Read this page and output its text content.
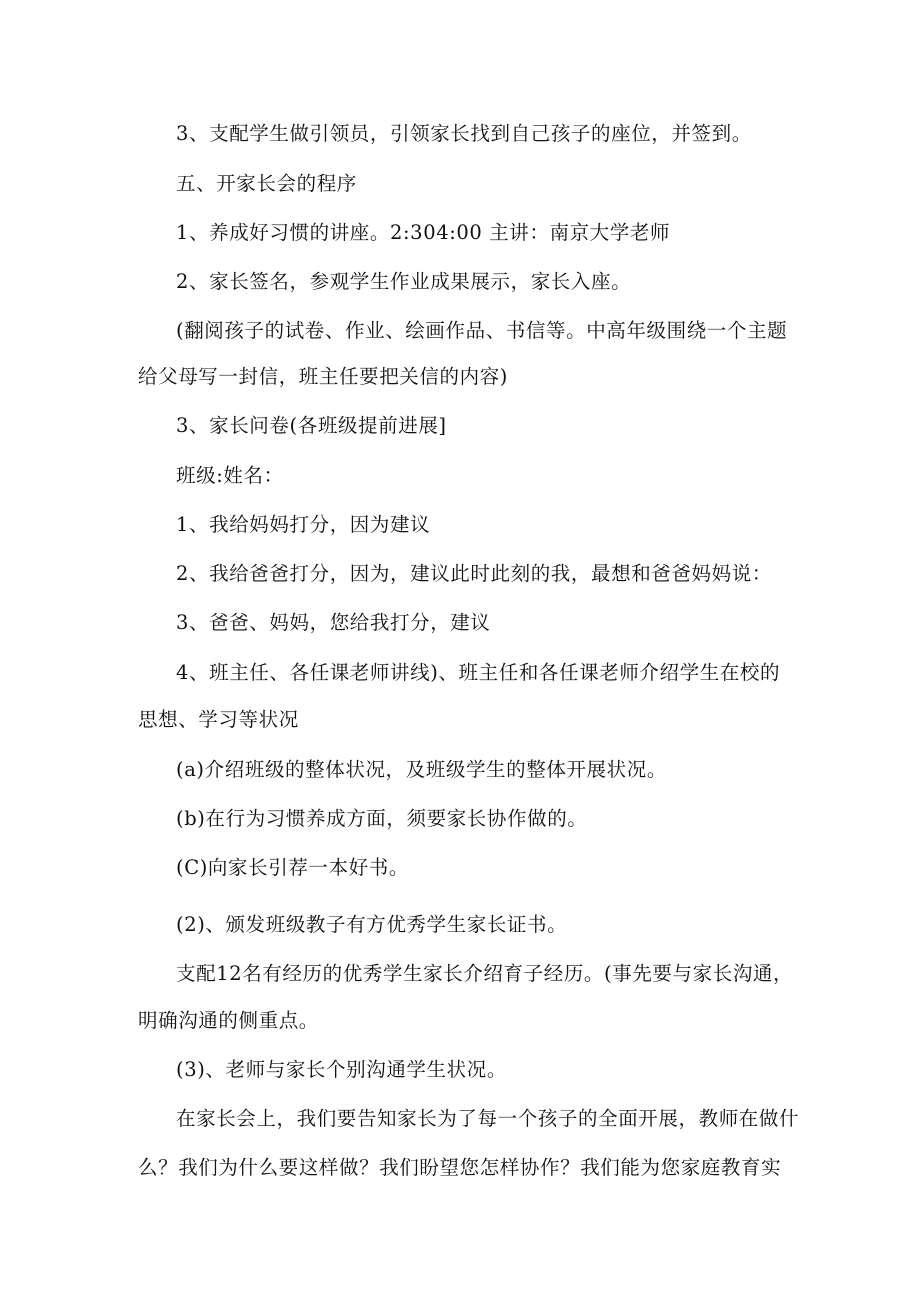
3、支配学生做引领员，引领家长找到自己孩子的座位，并签到。
五、开家长会的程序
1、养成好习惯的讲座。2:304:00 主讲：南京大学老师
2、家长签名，参观学生作业成果展示，家长入座。
(翻阅孩子的试卷、作业、绘画作品、书信等。中高年级围绕一个主题
给父母写一封信，班主任要把关信的内容)
3、家长问卷(各班级提前进展]
班级:姓名：
1、我给妈妈打分，因为建议
2、我给爸爸打分，因为，建议此时此刻的我，最想和爸爸妈妈说：
3、爸爸、妈妈，您给我打分，建议
4、班主任、各任课老师讲线)、班主任和各任课老师介绍学生在校的
思想、学习等状况
(a)介绍班级的整体状况，及班级学生的整体开展状况。
(b)在行为习惯养成方面，须要家长协作做的。
(C)向家长引荐一本好书。
(2)、颁发班级教子有方优秀学生家长证书。
支配12名有经历的优秀学生家长介绍育子经历。(事先要与家长沟通，
明确沟通的侧重点。
(3)、老师与家长个别沟通学生状况。
在家长会上，我们要告知家长为了每一个孩子的全面开展，教师在做什
么？我们为什么要这样做？我们盼望您怎样协作？我们能为您家庭教育实
